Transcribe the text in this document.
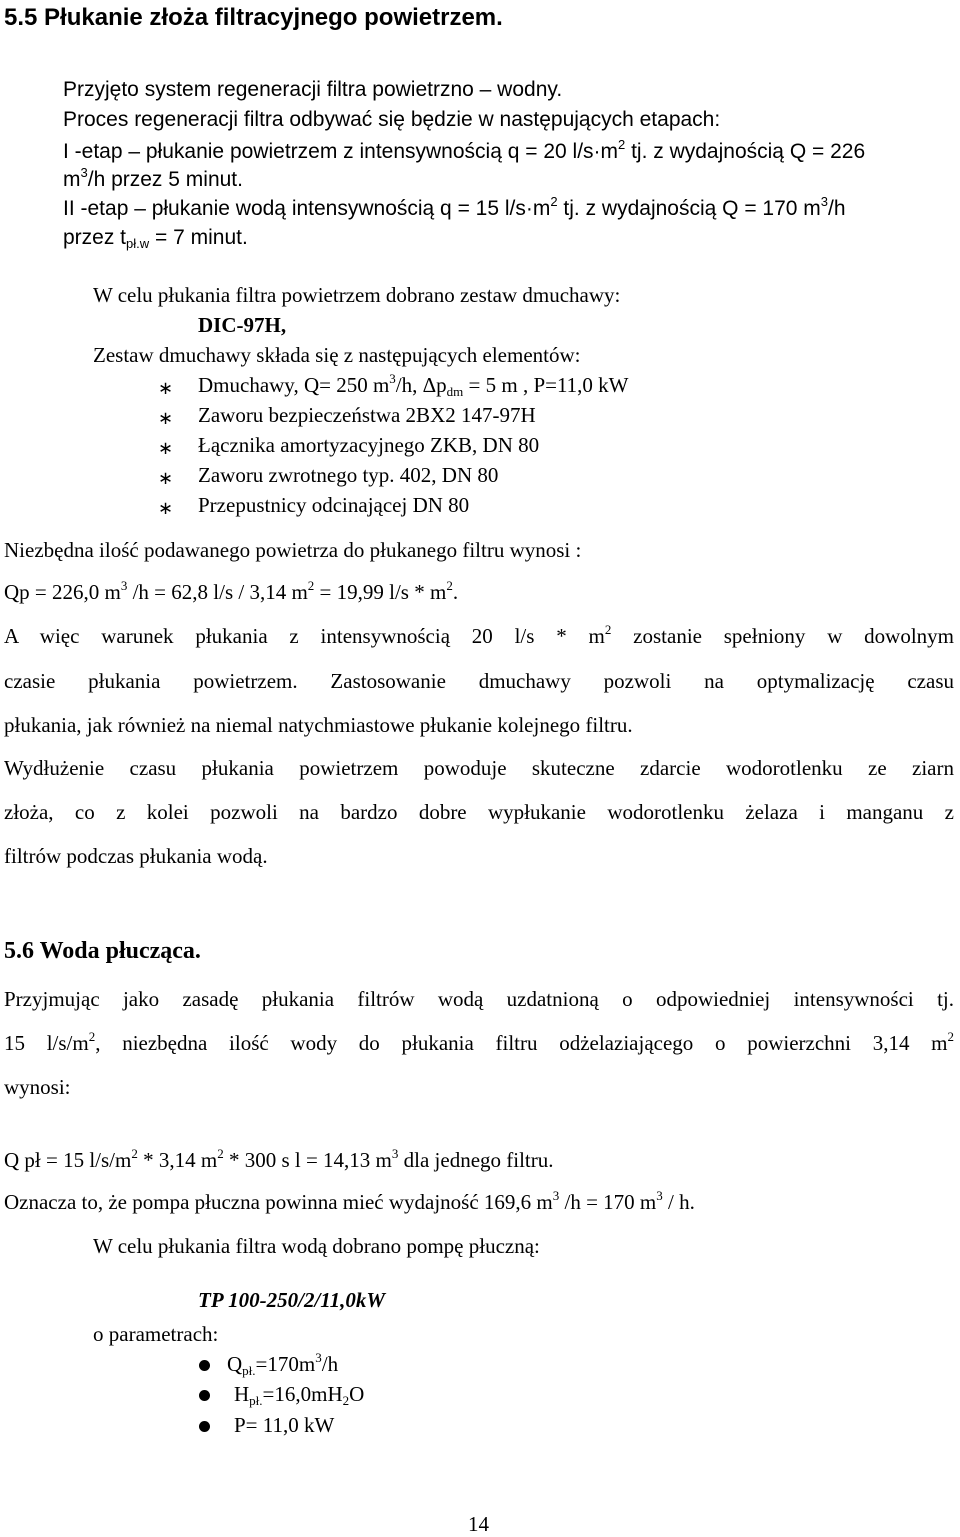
5.5 Płukanie złoża filtracyjnego powietrzem.
Przyjęto system regeneracji filtra powietrzno – wodny.
Proces regeneracji filtra odbywać się będzie w następujących etapach:
I -etap – płukanie powietrzem z intensywnością q = 20 $l/s\cdot m^2$ tj. z wydajnością Q = 226
$m^3/h$ przez 5 minut.
II -etap – płukanie wodą intensywnością q = 15 $l/s\cdot m^2$ tj. z wydajnością Q = 170 $m^3/h$
przez $t_{pł.w} = 7$ minut.
W celu płukania filtra powietrzem dobrano zestaw dmuchawy:
DIC-97H,
Zestaw dmuchawy składa się z następujących elementów:
∗ Dmuchawy, Q= 250 $m^3/h$, $\Delta p_{dm} = 5$ m , P=11,0 kW
∗ Zaworu bezpieczeństwa 2BX2 147-97H
∗ Łącznika amortyzacyjnego ZKB, DN 80
∗ Zaworu zwrotnego typ. 402, DN 80
∗ Przepustnicy odcinającej DN 80
Niezbędna ilość podawanego powietrza do płukanego filtru wynosi :
Qp = 226,0 $m^3$ /h = 62,8 l/s / 3,14 $m^2 = 19,99$ $l/s * m^2$.
A więc warunek płukania z intensywnością 20 $l/s * m^2$ zostanie spełniony w dowolnym
czasie płukania powietrzem. Zastosowanie dmuchawy pozwoli na optymalizację czasu
płukania, jak również na niemal natychmiastowe płukanie kolejnego filtru.
Wydłużenie czasu płukania powietrzem powoduje skuteczne zdarcie wodorotlenku ze ziarn
złoża, co z kolei pozwoli na bardzo dobre wypłukanie wodorotlenku żelaza i manganu z
filtrów podczas płukania wodą.
5.6 Woda płucząca.
Przyjmując jako zasadę płukania filtrów wodą uzdatnioną o odpowiedniej intensywności tj.
15 $l/s/m^2$, niezbędna ilość wody do płukania filtru odżelaziającego o powierzchni 3,14 $m^2$
wynosi:
Q pł = 15 $l/s/m^2 * 3,14$ $m^2 * 300$ s l = 14,13 $m^3$ dla jednego filtru.
Oznacza to, że pompa płuczna powinna mieć wydajność 169,6 $m^3$ /h = 170 $m^3$ / h.
W celu płukania filtra wodą dobrano pompę płuczną:
TP 100-250/2/11,0kW
o parametrach:
$Q_{pł.}=170m^3/h$
$H_{pł.}=16,0mH_2O$
P= 11,0 kW
14
